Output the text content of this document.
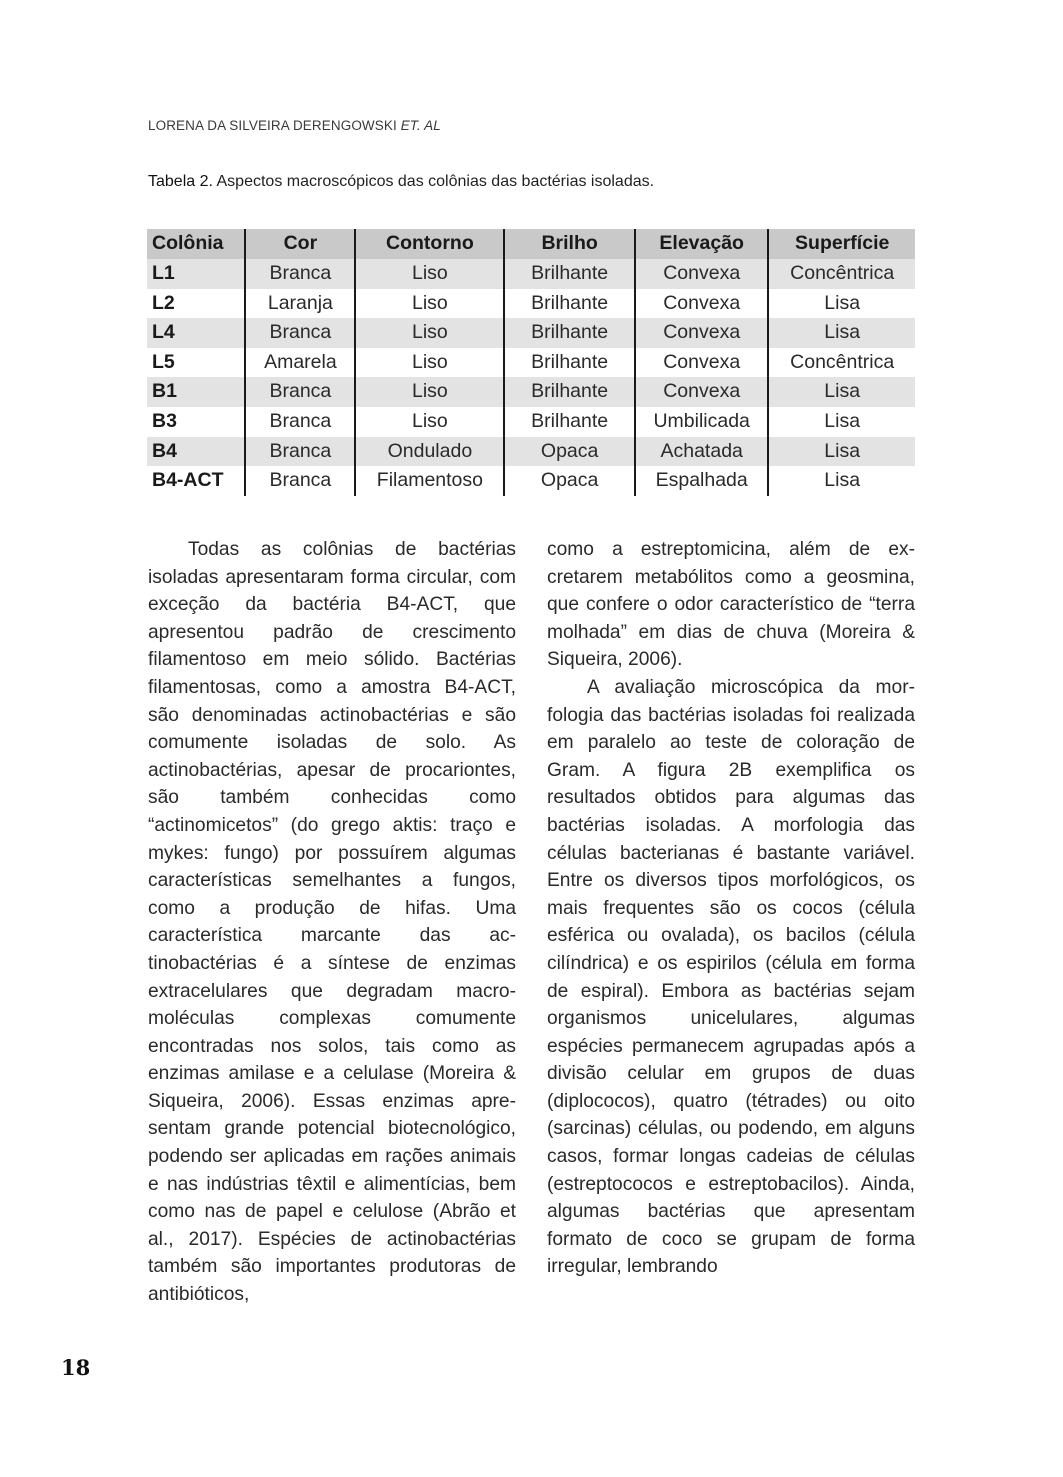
LORENA DA SILVEIRA DERENGOWSKI ET. AL
Tabela 2. Aspectos macroscópicos das colônias das bactérias isoladas.
Colônia	Cor	Contorno	Brilho	Elevação	Superfície
L1	Branca	Liso	Brilhante	Convexa	Concêntrica
L2	Laranja	Liso	Brilhante	Convexa	Lisa
L4	Branca	Liso	Brilhante	Convexa	Lisa
L5	Amarela	Liso	Brilhante	Convexa	Concêntrica
B1	Branca	Liso	Brilhante	Convexa	Lisa
B3	Branca	Liso	Brilhante	Umbilicada	Lisa
B4	Branca	Ondulado	Opaca	Achatada	Lisa
B4-ACT	Branca	Filamentoso	Opaca	Espalhada	Lisa

Todas as colônias de bactérias isoladas apresentaram forma circular, com exceção da bactéria B4-ACT, que apresentou padrão de crescimento filamentoso em meio sólido. Bactérias filamentosas, como a amostra B4-ACT, são denominadas actinobactérias e são comumente isoladas de solo. As actinobactérias, apesar de procariontes, são também conhecidas como “actinomicetos” (do grego aktis: traço e mykes: fungo) por possuírem algumas características semelhantes a fungos, como a produção de hifas. Uma característica marcante das actinobactérias é a síntese de enzimas extracelulares que degradam macromoléculas complexas comumente encontradas nos solos, tais como as enzimas amilase e a celulase (Moreira & Siqueira, 2006). Essas enzimas apresentam grande potencial biotecnológico, podendo ser aplicadas em rações animais e nas indústrias têxtil e alimentícias, bem como nas de papel e celulose (Abrão et al., 2017). Espécies de actinobactérias também são importantes produtoras de antibióticos,

como a estreptomicina, além de excretarem metabólitos como a geosmina, que confere o odor característico de “terra molhada” em dias de chuva (Moreira & Siqueira, 2006).

A avaliação microscópica da morfologia das bactérias isoladas foi realizada em paralelo ao teste de coloração de Gram. A figura 2B exemplifica os resultados obtidos para algumas das bactérias isoladas. A morfologia das células bacterianas é bastante variável. Entre os diversos tipos morfológicos, os mais frequentes são os cocos (célula esférica ou ovalada), os bacilos (célula cilíndrica) e os espirilos (célula em forma de espiral). Embora as bactérias sejam organismos unicelulares, algumas espécies permanecem agrupadas após a divisão celular em grupos de duas (diplococos), quatro (tétrades) ou oito (sarcinas) células, ou podendo, em alguns casos, formar longas cadeias de células (estreptococos e estreptobacilos). Ainda, algumas bactérias que apresentam formato de coco se grupam de forma irregular, lembrando

18
